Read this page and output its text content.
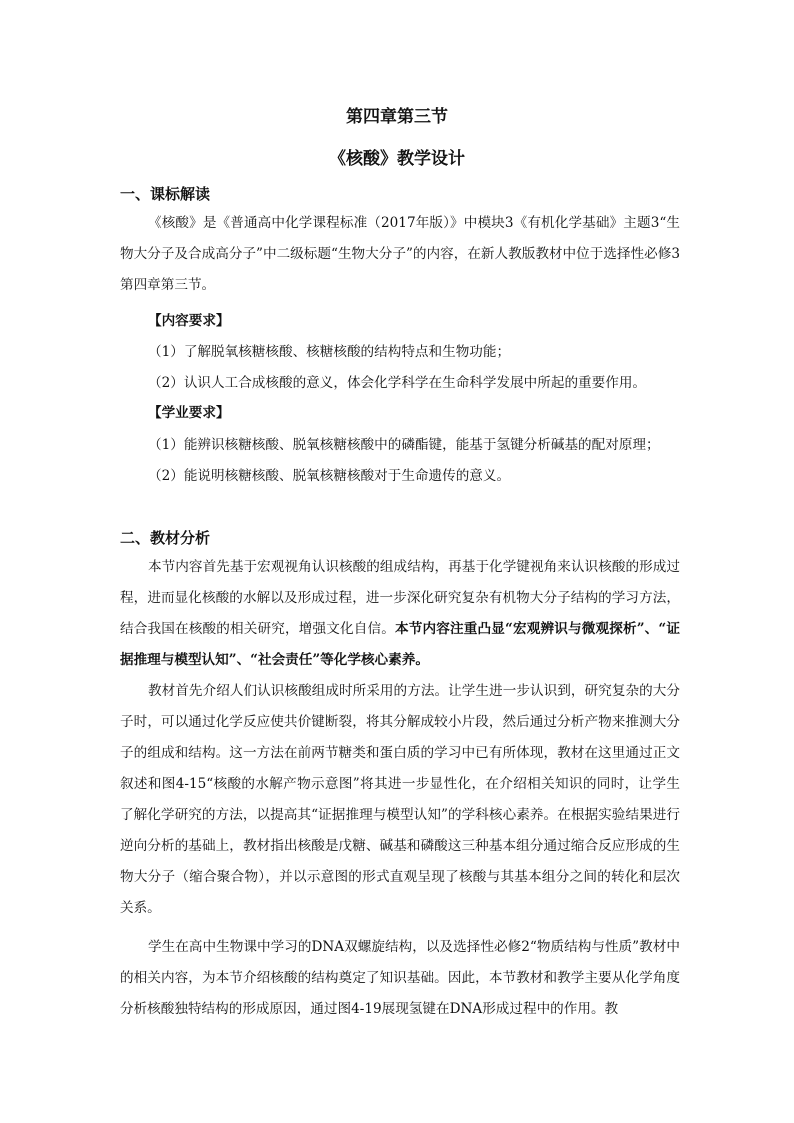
第四章第三节
《核酸》教学设计
一、课标解读
《核酸》是《普通高中化学课程标准（2017年版）》中模块3《有机化学基础》主题3“生物大分子及合成高分子”中二级标题“生物大分子”的内容，在新人教版教材中位于选择性必修3第四章第三节。
【内容要求】
（1）了解脱氧核糖核酸、核糖核酸的结构特点和生物功能；
（2）认识人工合成核酸的意义，体会化学科学在生命科学发展中所起的重要作用。
【学业要求】
（1）能辨识核糖核酸、脱氧核糖核酸中的磷酯键，能基于氢键分析碱基的配对原理；
（2）能说明核糖核酸、脱氧核糖核酸对于生命遗传的意义。
二、教材分析
本节内容首先基于宏观视角认识核酸的组成结构，再基于化学键视角来认识核酸的形成过程，进而显化核酸的水解以及形成过程，进一步深化研究复杂有机物大分子结构的学习方法，结合我国在核酸的相关研究，增强文化自信。本节内容注重凸显“宏观辨识与微观探析”、“证据推理与模型认知”、“社会责任”等化学核心素养。
教材首先介绍人们认识核酸组成时所采用的方法。让学生进一步认识到，研究复杂的大分子时，可以通过化学反应使共价键断裂，将其分解成较小片段，然后通过分析产物来推测大分子的组成和结构。这一方法在前两节糖类和蛋白质的学习中已有所体现，教材在这里通过正文叙述和图4-15“核酸的水解产物示意图”将其进一步显性化，在介绍相关知识的同时，让学生了解化学研究的方法，以提高其“证据推理与模型认知”的学科核心素养。在根据实验结果进行逆向分析的基础上，教材指出核酸是戊糖、碱基和磷酸这三种基本组分通过缩合反应形成的生物大分子（缩合聚合物），并以示意图的形式直观呈现了核酸与其基本组分之间的转化和层次关系。
学生在高中生物课中学习的DNA双螺旋结构，以及选择性必修2“物质结构与性质”教材中的相关内容，为本节介绍核酸的结构奠定了知识基础。因此，本节教材和教学主要从化学角度分析核酸独特结构的形成原因，通过图4-19展现氢键在DNA形成过程中的作用。教
